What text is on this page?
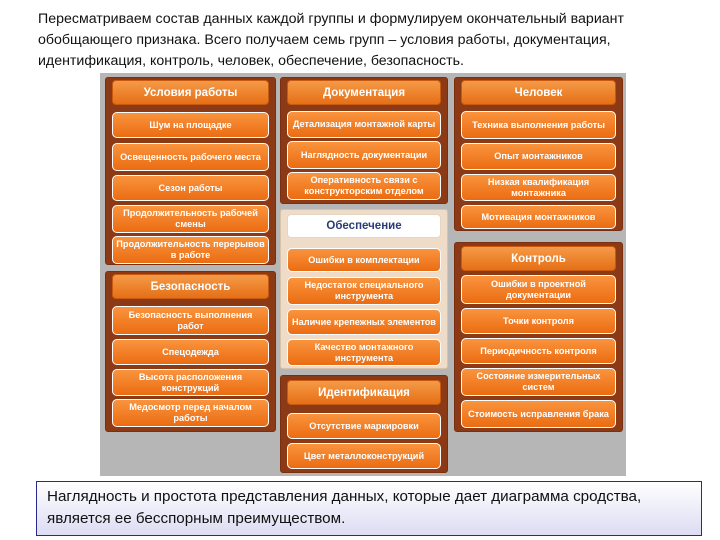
Пересматриваем состав данных каждой группы и формулируем окончательный вариант обобщающего признака. Всего получаем семь групп – условия работы, документация, идентификация, контроль, человек, обеспечение, безопасность.
Условия работы
Шум на площадке
Освещенность рабочего места
Сезон работы
Продолжительность рабочей смены
Продолжительность перерывов в работе
Документация
Детализация монтажной карты
Наглядность документации
Оперативность связи с конструкторским отделом
Человек
Техника выполнения работы
Опыт монтажников
Низкая квалификация монтажника
Мотивация монтажников
Обеспечение
Ошибки в комплектации
Недостаток специального инструмента
Наличие крепежных элементов
Качество монтажного инструмента
Контроль
Ошибки в проектной документации
Точки контроля
Периодичность контроля
Состояние измерительных систем
Стоимость исправления брака
Безопасность
Безопасность выполнения работ
Спецодежда
Высота расположения конструкций
Медосмотр перед началом работы
Идентификация
Отсутствие маркировки
Цвет металлоконструкций
Наглядность и простота представления данных, которые дает диаграмма сродства, является ее бесспорным преимуществом.
